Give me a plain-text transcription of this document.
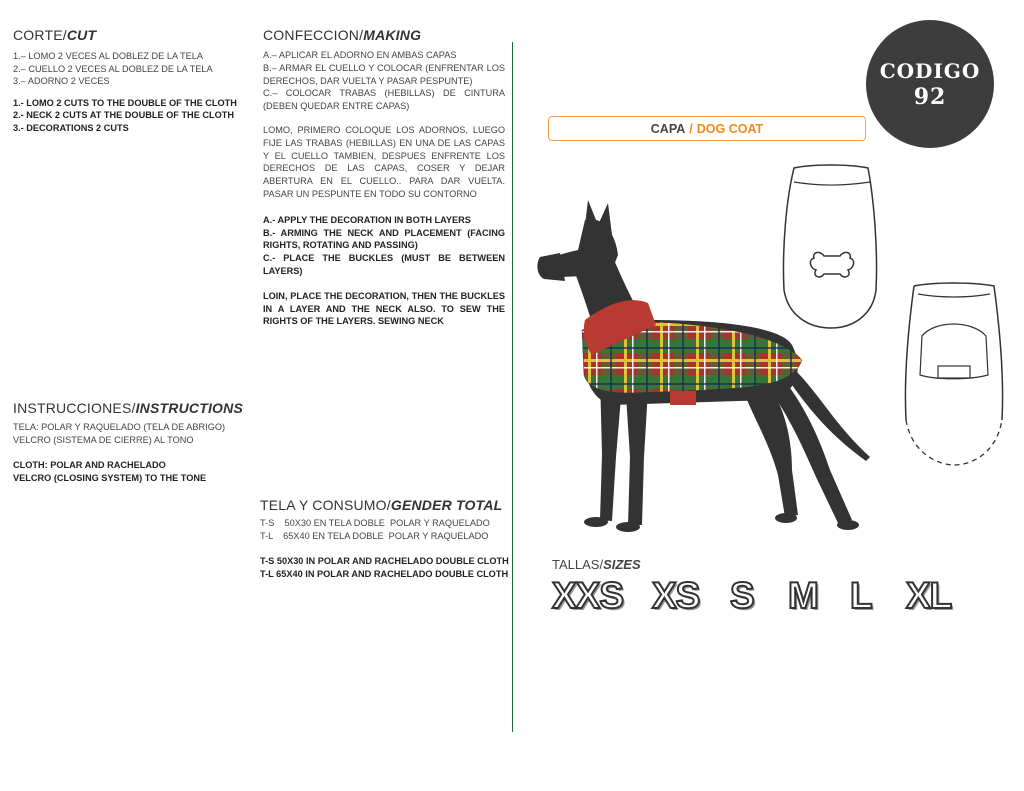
CORTE/CUT
1.– LOMO 2 VECES AL DOBLEZ DE LA TELA
2.– CUELLO 2 VECES AL DOBLEZ DE LA TELA
3.– ADORNO 2 VECES
1.- LOMO 2 CUTS TO THE DOUBLE OF THE CLOTH
2.- NECK 2 CUTS AT THE DOUBLE OF THE CLOTH
3.- DECORATIONS 2 CUTS
INSTRUCCIONES/INSTRUCTIONS
TELA: POLAR Y RAQUELADO (TELA DE ABRIGO)
VELCRO (SISTEMA DE CIERRE) AL TONO
CLOTH: POLAR AND RACHELADO
VELCRO (CLOSING SYSTEM) TO THE TONE
CONFECCION/MAKING

A.– APLICAR EL ADORNO EN AMBAS CAPAS

B.– ARMAR EL CUELLO Y COLOCAR (ENFRENTAR LOS DERECHOS, DAR VUELTA Y PASAR PESPUNTE)

C.– COLOCAR TRABAS (HEBILLAS) DE CINTURA (DEBEN QUEDAR ENTRE CAPAS)

LOMO, PRIMERO COLOQUE LOS ADORNOS, LUEGO FIJE LAS TRABAS (HEBILLAS) EN UNA DE LAS CAPAS Y EL CUELLO TAMBIEN, DESPUES ENFRENTE LOS DERECHOS DE LAS CAPAS, COSER Y DEJAR ABERTURA EN EL CUELLO.. PARA DAR VUELTA. PASAR UN PESPUNTE EN TODO SU CONTORNO

A.- APPLY THE DECORATION IN BOTH LAYERS

B.- ARMING THE NECK AND PLACEMENT (FACING RIGHTS, ROTATING AND PASSING)

C.- PLACE THE BUCKLES (MUST BE BETWEEN LAYERS)

LOIN, PLACE THE DECORATION, THEN THE BUCKLES IN A LAYER AND THE NECK ALSO. TO SEW THE RIGHTS OF THE LAYERS. SEWING NECK

TELA Y CONSUMO/GENDER TOTAL
T-S    50X30 EN TELA DOBLE  POLAR Y RAQUELADO
T-L    65X40 EN TELA DOBLE  POLAR Y RAQUELADO
T-S 50X30 IN POLAR AND RACHELADO DOUBLE CLOTH
T-L 65X40 IN POLAR AND RACHELADO DOUBLE CLOTH
CODIGO
92
CAPA / DOG COAT
TALLAS/SIZES
XXS XS S M L XL
